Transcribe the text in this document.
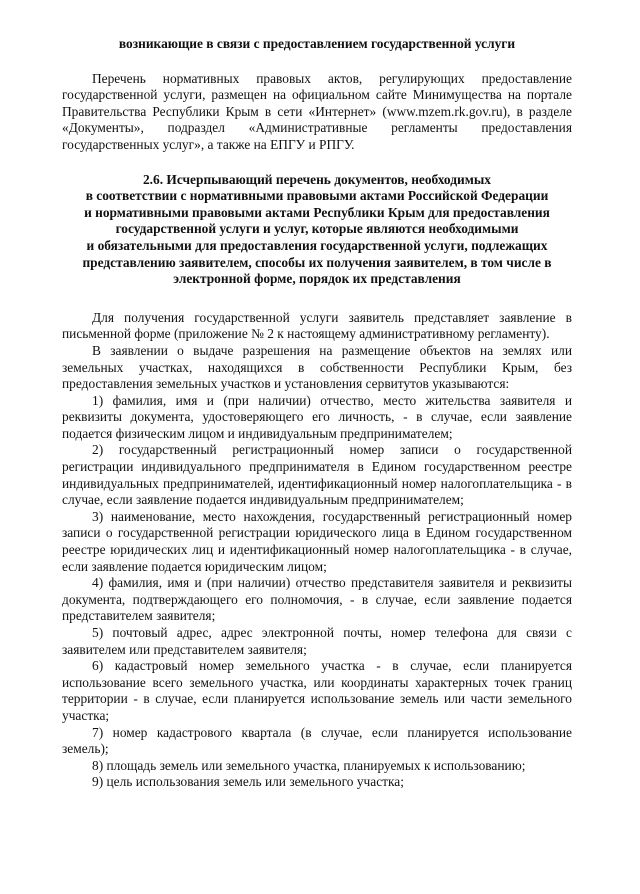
возникающие в связи с предоставлением государственной услуги

Перечень нормативных правовых актов, регулирующих предоставление государственной услуги, размещен на официальном сайте Минимущества на портале Правительства Республики Крым в сети «Интернет» (www.mzem.rk.gov.ru), в разделе «Документы», подраздел «Административные регламенты предоставления государственных услуг», а также на ЕПГУ и РПГУ.

2.6. Исчерпывающий перечень документов, необходимых
в соответствии с нормативными правовыми актами Российской Федерации
и нормативными правовыми актами Республики Крым для предоставления
государственной услуги и услуг, которые являются необходимыми
и обязательными для предоставления государственной услуги, подлежащих
представлению заявителем, способы их получения заявителем, в том числе в
электронной форме, порядок их представления

Для получения государственной услуги заявитель представляет заявление в письменной форме (приложение № 2 к настоящему административному регламенту).

В заявлении о выдаче разрешения на размещение объектов на землях или земельных участках, находящихся в собственности Республики Крым, без предоставления земельных участков и установления сервитутов указываются:

1) фамилия, имя и (при наличии) отчество, место жительства заявителя и реквизиты документа, удостоверяющего его личность, - в случае, если заявление подается физическим лицом и индивидуальным предпринимателем;

2) государственный регистрационный номер записи о государственной регистрации индивидуального предпринимателя в Едином государственном реестре индивидуальных предпринимателей, идентификационный номер налогоплательщика - в случае, если заявление подается индивидуальным предпринимателем;

3) наименование, место нахождения, государственный регистрационный номер записи о государственной регистрации юридического лица в Едином государственном реестре юридических лиц и идентификационный номер налогоплательщика - в случае, если заявление подается юридическим лицом;

4) фамилия, имя и (при наличии) отчество представителя заявителя и реквизиты документа, подтверждающего его полномочия, - в случае, если заявление подается представителем заявителя;

5) почтовый адрес, адрес электронной почты, номер телефона для связи с заявителем или представителем заявителя;

6) кадастровый номер земельного участка - в случае, если планируется использование всего земельного участка, или координаты характерных точек границ территории - в случае, если планируется использование земель или части земельного участка;

7) номер кадастрового квартала (в случае, если планируется использование земель);

8) площадь земель или земельного участка, планируемых к использованию;

9) цель использования земель или земельного участка;
